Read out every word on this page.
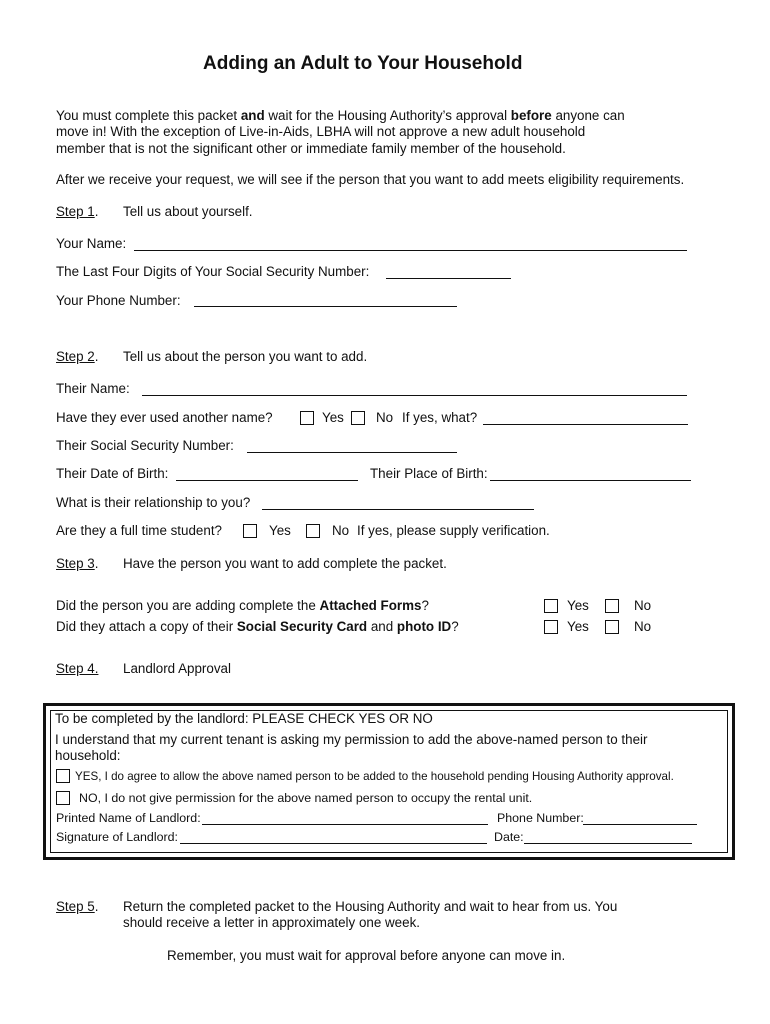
Adding an Adult to Your Household
You must complete this packet and wait for the Housing Authority’s approval before anyone can
move in! With the exception of Live-in-Aids, LBHA will not approve a new adult household
member that is not the significant other or immediate family member of the household.
After we receive your request, we will see if the person that you want to add meets eligibility requirements.
Step 1. Tell us about yourself.
Your Name:
The Last Four Digits of Your Social Security Number:
Your Phone Number:
Step 2. Tell us about the person you want to add.
Their Name:
Have they ever used another name?	Yes No If yes, what?
Their Social Security Number:
Their Date of Birth:	Their Place of Birth:
What is their relationship to you?
Are they a full time student?	Yes	No If yes, please supply verification.
Step 3. Have the person you want to add complete the packet.
Did the person you are adding complete the Attached Forms?	Yes	No
Did they attach a copy of their Social Security Card and photo ID?	Yes	No
Step 4. Landlord Approval
To be completed by the landlord: PLEASE CHECK YES OR NO
I understand that my current tenant is asking my permission to add the above-named person to their
household:
YES, I do agree to allow the above named person to be added to the household pending Housing Authority approval.
NO, I do not give permission for the above named person to occupy the rental unit.
Printed Name of Landlord:	Phone Number:
Signature of Landlord:	Date:
Step 5. Return the completed packet to the Housing Authority and wait to hear from us. You
should receive a letter in approximately one week.
Remember, you must wait for approval before anyone can move in.
